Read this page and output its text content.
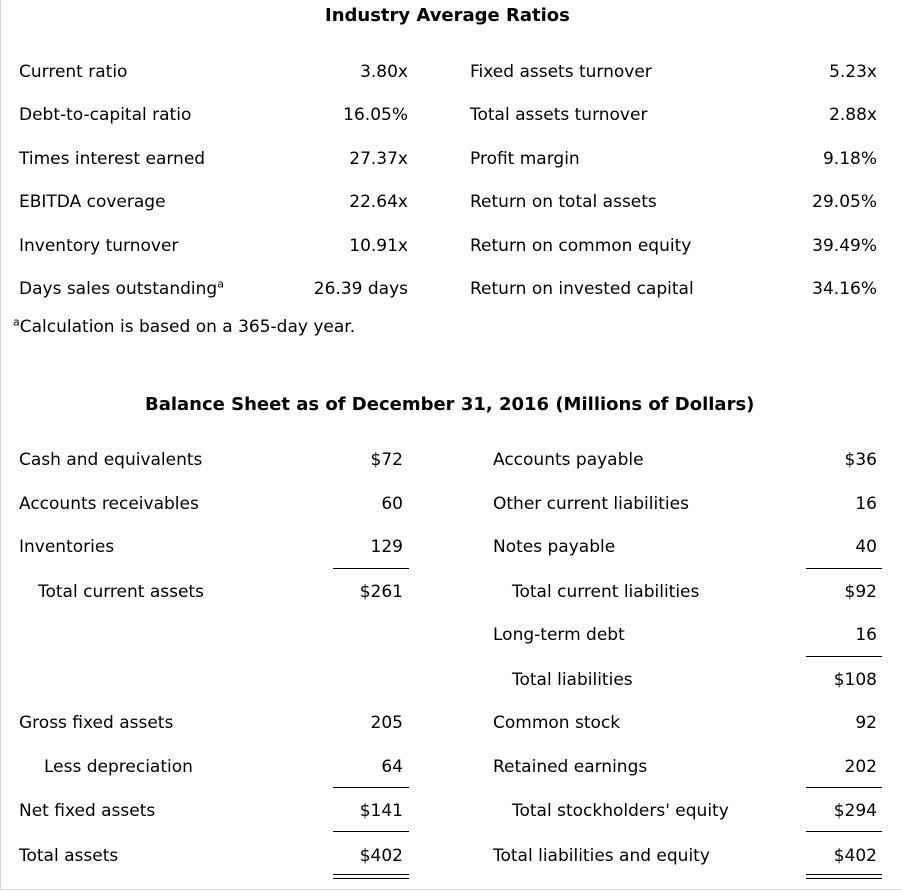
Industry Average Ratios
Current ratio
Debt-to-capital ratio
Times interest earned
EBITDA coverage
Inventory turnover
Days sales outstanding$^a$
3.80x
16.05%
27.37x
22.64x
10.91x
26.39 days
Fixed assets turnover
Total assets turnover
Profit margin
Return on total assets
Return on common equity
Return on invested capital
5.23x
2.88x
9.18%
29.05%
39.49%
34.16%
$^a$Calculation is based on a 365-day year.
Balance Sheet as of December 31, 2016 (Millions of Dollars)
Cash and equivalents
Accounts receivables
Inventories
Total current assets
Gross fixed assets
Less depreciation
Net fixed assets
Total assets
$72
60
129
$261
205
64
$141
$402
Accounts payable
Other current liabilities
Notes payable
Total current liabilities
Long-term debt
Total liabilities
Common stock
Retained earnings
Total stockholders' equity
Total liabilities and equity
$36
16
40
$92
16
$108
92
202
$294
$402
